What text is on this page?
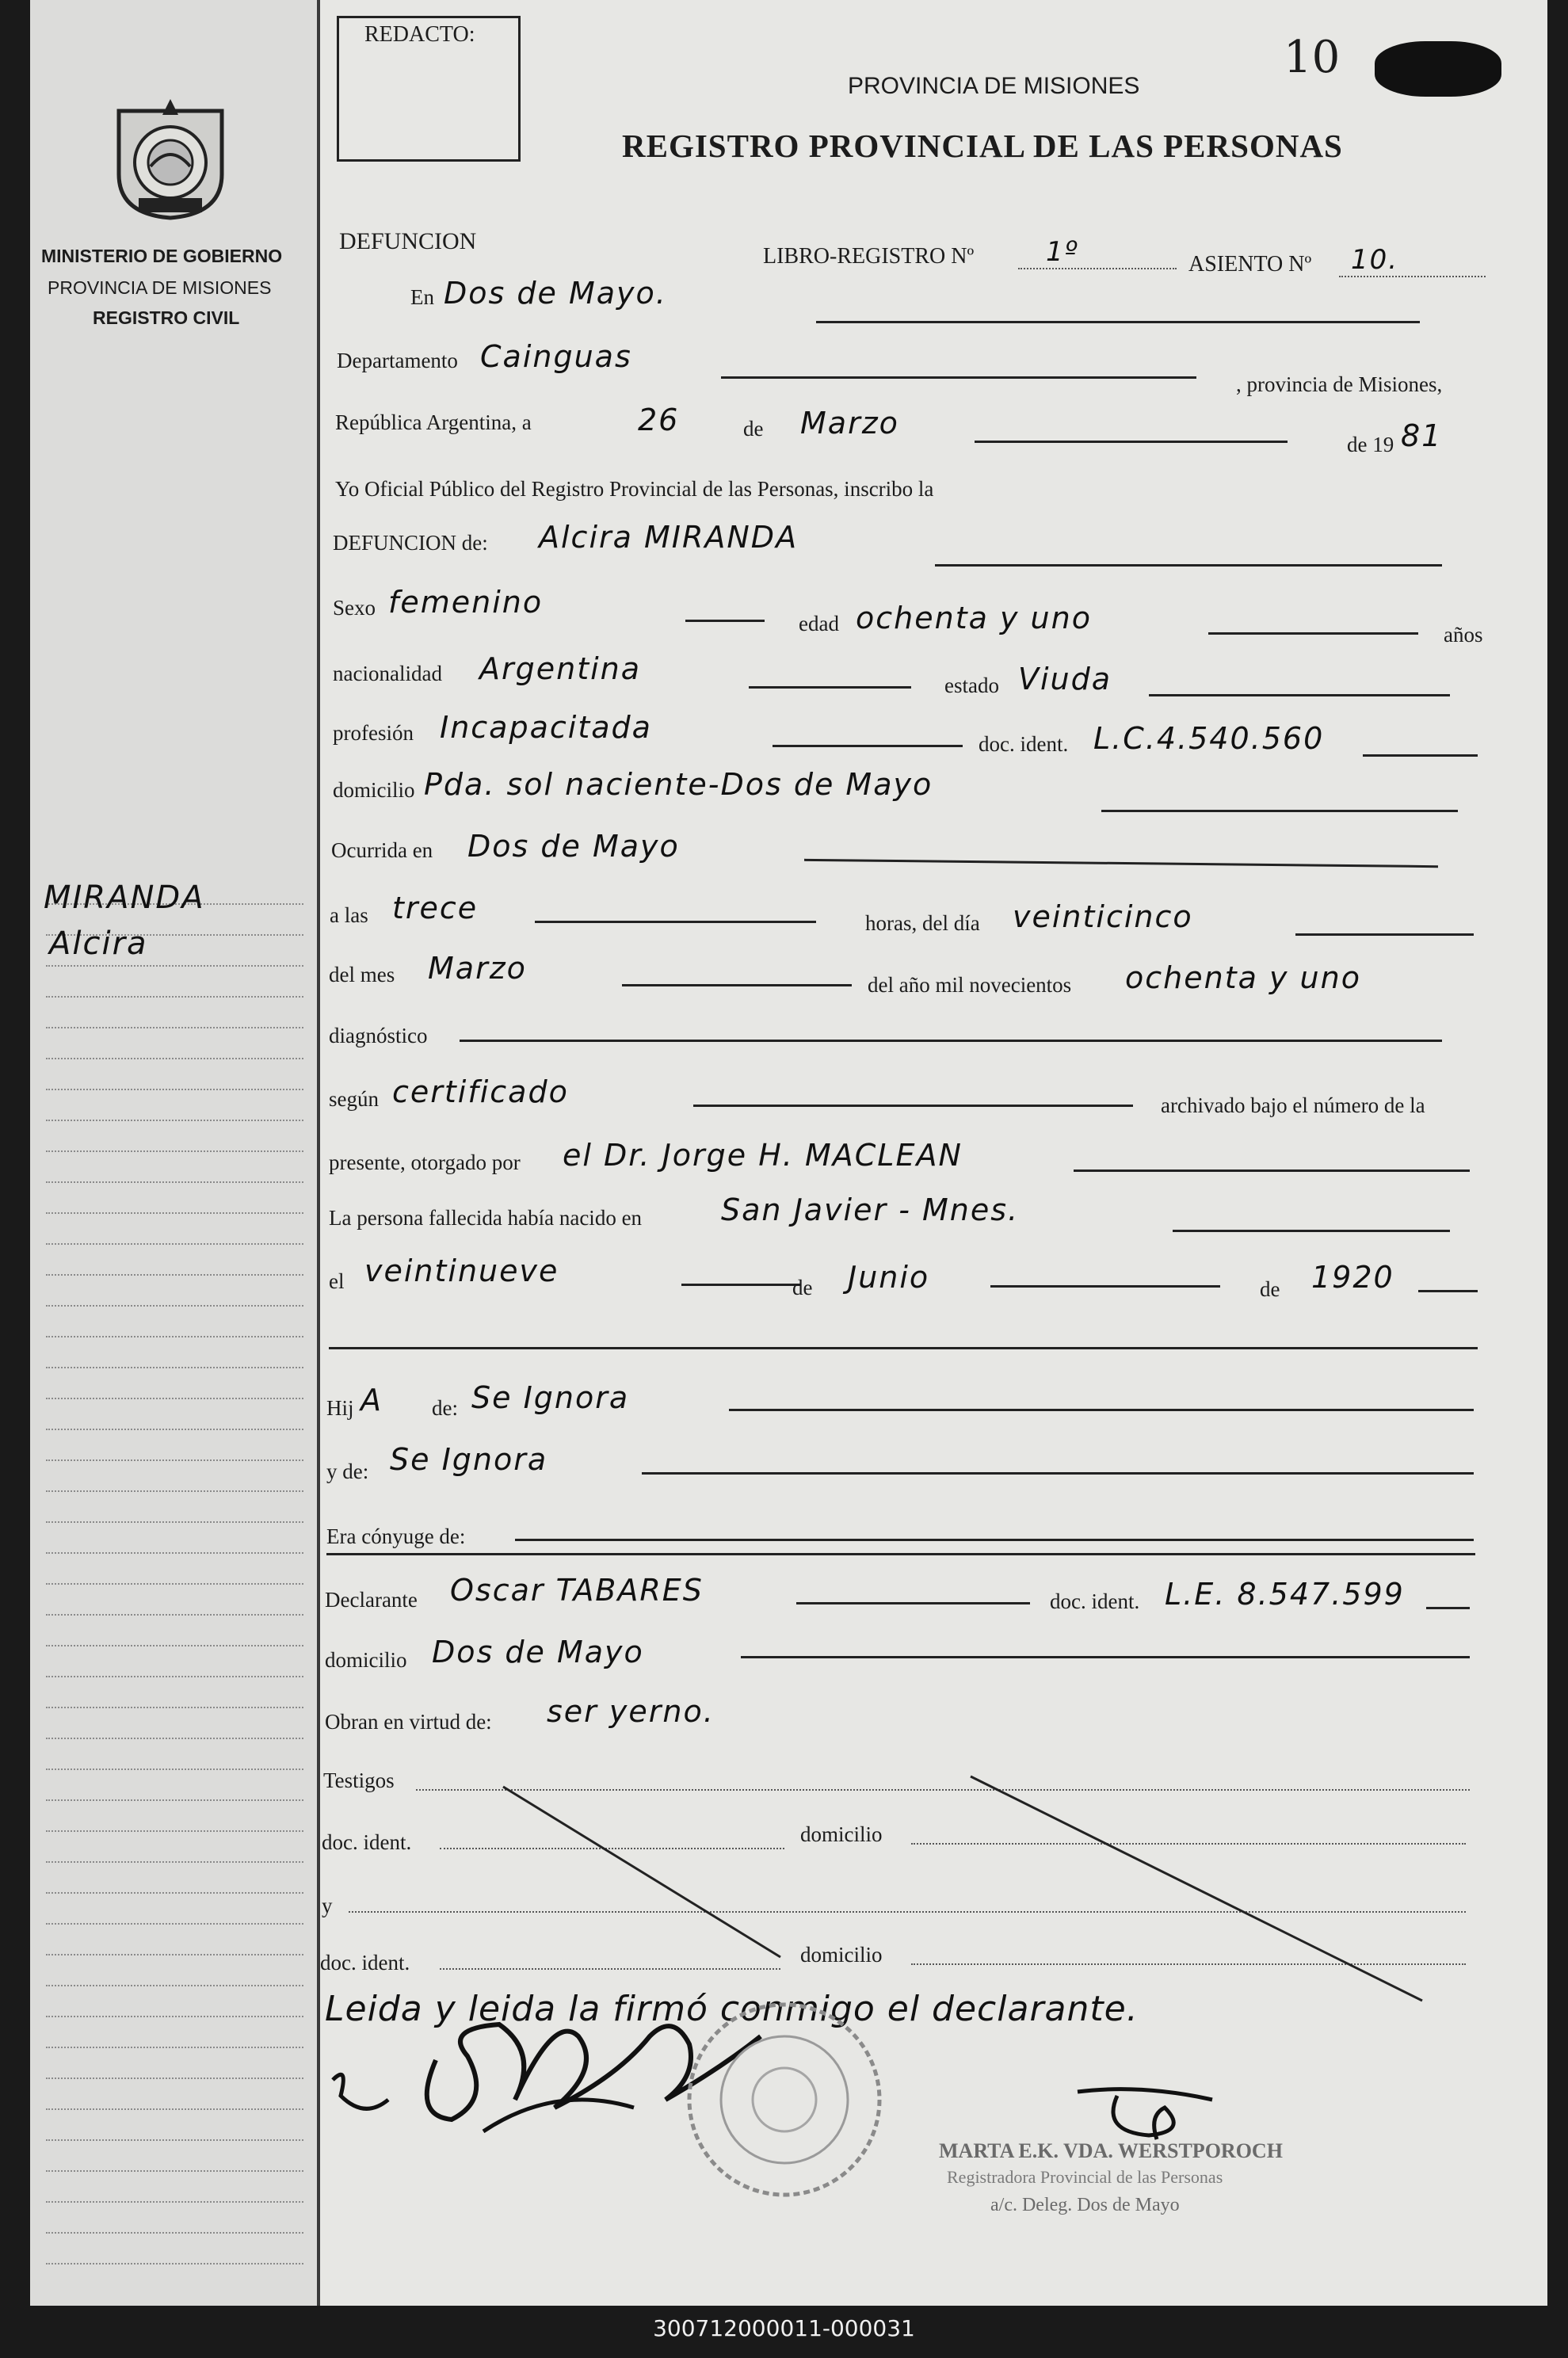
MINISTERIO DE GOBIERNO
PROVINCIA DE MISIONES
REGISTRO CIVIL
MIRANDA
Alcira
REDACTO:
PROVINCIA DE MISIONES
REGISTRO PROVINCIAL DE LAS PERSONAS
10
DEFUNCION
LIBRO-REGISTRO Nº	1º	ASIENTO Nº 10.
En Dos de Mayo.
Departamento Cainguas
, provincia de Misiones,
República Argentina, a	26	de Marzo
de 19 81
Yo Oficial Público del Registro Provincial de las Personas, inscribo la
DEFUNCION de: Alcira MIRANDA
Sexo femenino
edad ochenta y uno	años
nacionalidad Argentina	estado Viuda
profesión Incapacitada	doc. ident. L.C.4.540.560
domicilio Pda. sol naciente-Dos de Mayo
Ocurrida en Dos de Mayo
a las trece	horas, del día veinticinco
del mes Marzo	del año mil novecientos ochenta y uno
diagnóstico
según certificado	archivado bajo el número de la
presente, otorgado por el Dr. Jorge H. MACLEAN
La persona fallecida había nacido en	San Javier - Mnes.
el veintinueve	de Junio	de 1920
Hij A de: Se Ignora
y de: Se Ignora
Era cónyuge de:
Declarante Oscar TABARES	doc. ident. L.E. 8.547.599
domicilio Dos de Mayo
Obran en virtud de: ser yerno.
Testigos
doc. ident.	domicilio
y
doc. ident.	domicilio
Leida y leida la firmó conmigo el declarante.
MARTA E.K. VDA. WERSTPOROCH
Registradora Provincial de las Personas
a/c. Deleg. Dos de Mayo
300712000011-000031
